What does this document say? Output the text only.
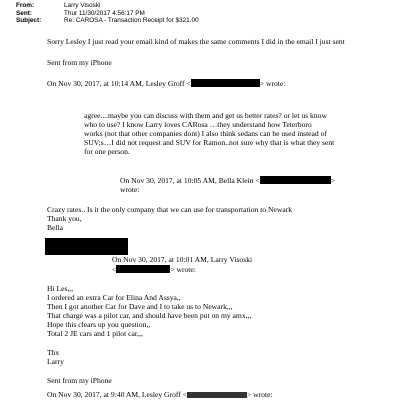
From:	Larry Visoski
Sent:	Thur 11/30/2017 4:56:17 PM
Subject:	Re: CAROSA - Transaction Receipt for $321.00
Sorry Lesley I just read your email kind of makes the same comments I did in the email I just sent
Sent from my iPhone
On Nov 30, 2017, at 10:14 AM, Lesley Groff <	> wrote:
agree....maybe you can discuss with them and get us better rates? or let us know
who to use? I know Larry loves CARosa …they understand how Teterboro
works (not that other companies dont) I also think sedans can be used instead of
SUV;s…I did not request and SUV for Ramon..not sure why that is what they sent
for one person.
On Nov 30, 2017, at 10:05 AM, Bella Klein <	>
wrote:
Crazy rates.. Is it the only company that we can use for transportation to Newark
Thank you,
Bella
On Nov 30, 2017, at 10:01 AM, Larry Visoski
<	> wrote:
Hi Les,,,
I ordered an extra Car for Elina And Assya,,
Then I got another Car for Dave and I to take us to Newark,,,
That charge was a pilot car, and should have been put on my amx,,,
Hope this clears up you question,,
Total 2 JE cars and 1 pilot car,,,
Thx
Larry
Sent from my iPhone
On Nov 30, 2017, at 9:40 AM, Lesley Groff <	> wrote:
